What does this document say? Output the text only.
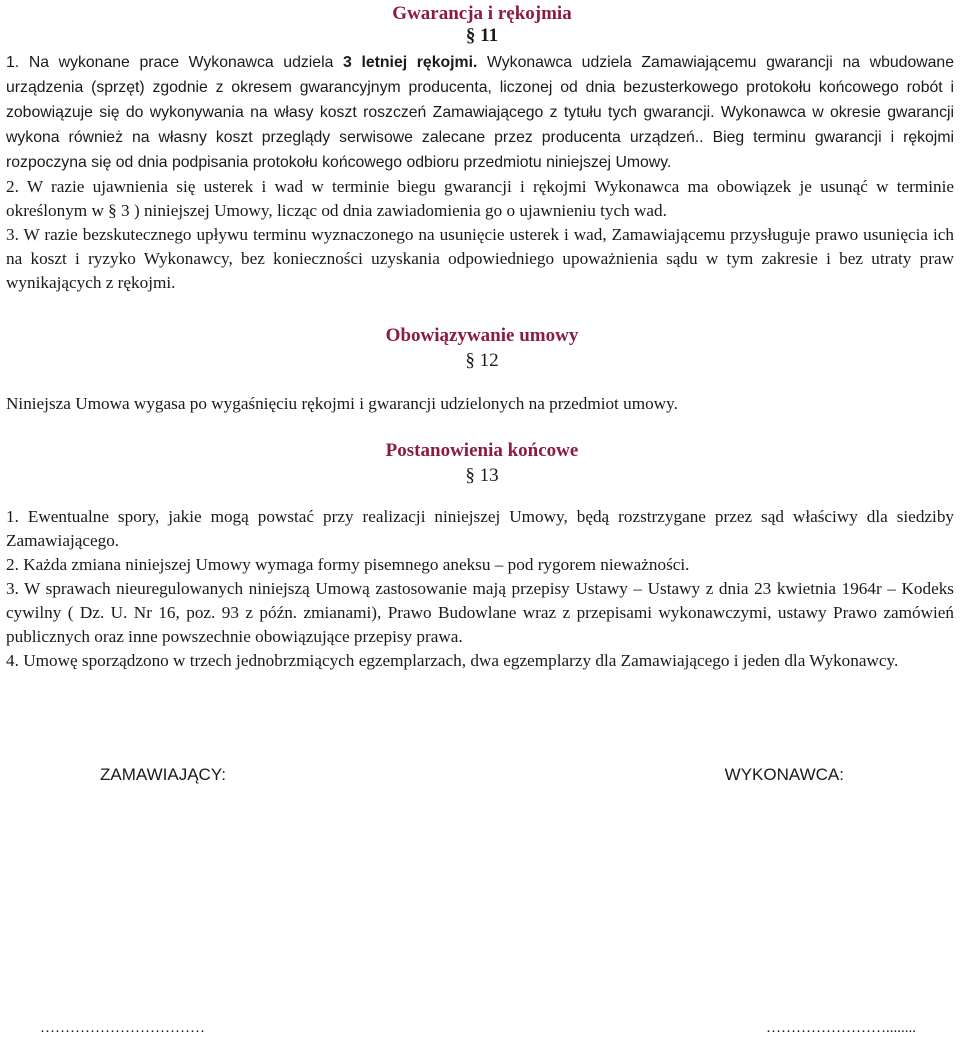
Gwarancja i rękojmia
§ 11

1. Na wykonane prace Wykonawca udziela 3 letniej rękojmi. Wykonawca udziela Zamawiającemu gwarancji na wbudowane urządzenia (sprzęt) zgodnie z okresem gwarancyjnym producenta, liczonej od dnia bezusterkowego protokołu końcowego robót i zobowiązuje się do wykonywania na własy koszt roszczeń Zamawiającego z tytułu tych gwarancji. Wykonawca w okresie gwarancji wykona również na własny koszt przeglądy serwisowe zalecane przez producenta urządzeń.. Bieg terminu gwarancji i rękojmi rozpoczyna się od dnia podpisania protokołu końcowego odbioru przedmiotu niniejszej Umowy.

2. W razie ujawnienia się usterek i wad w terminie biegu gwarancji i rękojmi Wykonawca ma obowiązek je usunąć w terminie określonym w § 3 ) niniejszej Umowy, licząc od dnia zawiadomienia go o ujawnieniu tych wad.

3. W razie bezskutecznego upływu terminu wyznaczonego na usunięcie usterek i wad, Zamawiającemu przysługuje prawo usunięcia ich na koszt i ryzyko Wykonawcy, bez konieczności uzyskania odpowiedniego upoważnienia sądu w tym zakresie i bez utraty praw wynikających z rękojmi.

Obowiązywanie umowy
§ 12

Niniejsza Umowa wygasa po wygaśnięciu rękojmi i gwarancji udzielonych na przedmiot umowy.

Postanowienia końcowe
§ 13

1. Ewentualne spory, jakie mogą powstać przy realizacji niniejszej Umowy, będą rozstrzygane przez sąd właściwy dla siedziby Zamawiającego.

2. Każda zmiana niniejszej Umowy wymaga formy pisemnego aneksu – pod rygorem nieważności.

3. W sprawach nieuregulowanych niniejszą Umową zastosowanie mają przepisy Ustawy – Ustawy z dnia 23 kwietnia 1964r – Kodeks cywilny ( Dz. U. Nr 16, poz. 93 z późn. zmianami), Prawo Budowlane wraz z przepisami wykonawczymi, ustawy Prawo zamówień publicznych oraz inne powszechnie obowiązujące przepisy prawa.

4. Umowę sporządzono w trzech jednobrzmiących egzemplarzach, dwa egzemplarzy dla Zamawiającego i jeden dla Wykonawcy.

ZAMAWIAJĄCY:	WYKONAWCA:
……………………………	……………………........
